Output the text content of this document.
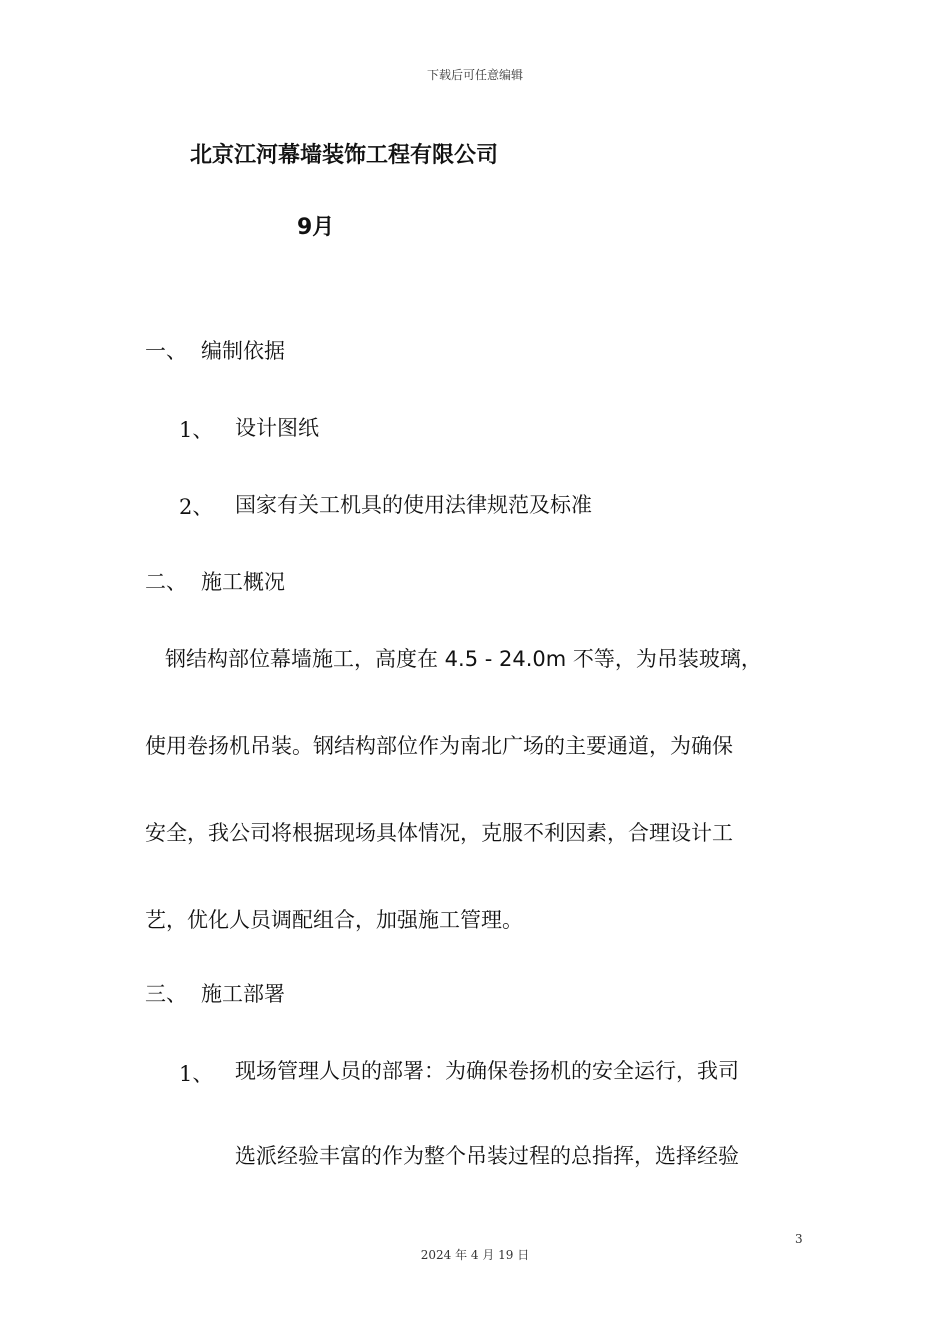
下载后可任意编辑
北京江河幕墙装饰工程有限公司
9月
一、 编制依据
1、 设计图纸
2、 国家有关工机具的使用法律规范及标准
二、 施工概况
钢结构部位幕墙施工，高度在 4.5 - 24.0m 不等，为吊装玻璃，
使用卷扬机吊装。钢结构部位作为南北广场的主要通道，为确保
安全，我公司将根据现场具体情况，克服不利因素，合理设计工
艺，优化人员调配组合，加强施工管理。
三、 施工部署
1、 现场管理人员的部署：为确保卷扬机的安全运行，我司
选派经验丰富的作为整个吊装过程的总指挥，选择经验
3
2024 年 4 月 19 日
